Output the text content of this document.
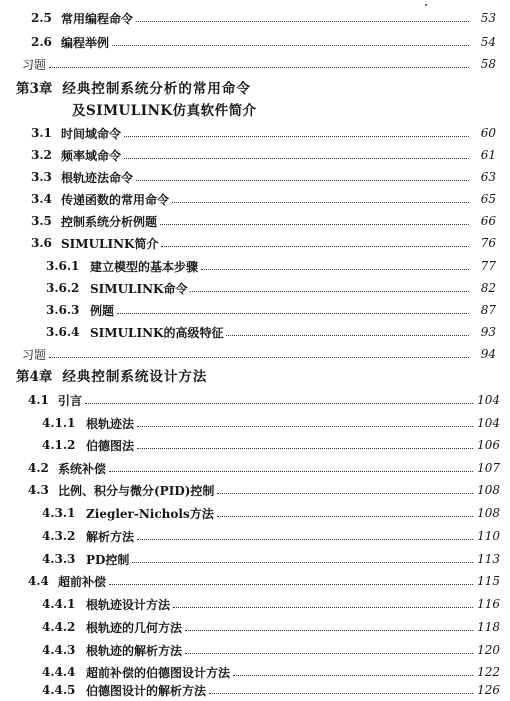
2.5 常用编程命令	53
2.6 编程举例	54
习题	58
第3章 经典控制系统分析的常用命令
及SIMULINK仿真软件简介
3.1 时间域命令	60
3.2 频率域命令	61
3.3 根轨迹法命令	63
3.4 传递函数的常用命令	65
3.5 控制系统分析例题	66
3.6 SIMULINK简介	76
3.6.1 建立模型的基本步骤	77
3.6.2 SIMULINK命令	82
3.6.3 例题	87
3.6.4 SIMULINK的高级特征	93
习题	94
第4章 经典控制系统设计方法
4.1 引言	104
4.1.1 根轨迹法	104
4.1.2 伯德图法	106
4.2 系统补偿	107
4.3 比例、积分与微分(PID)控制	108
4.3.1 Ziegler-Nichols方法	108
4.3.2 解析方法	110
4.3.3 PD控制	113
4.4 超前补偿	115
4.4.1 根轨迹设计方法	116
4.4.2 根轨迹的几何方法	118
4.4.3 根轨迹的解析方法	120
4.4.4 超前补偿的伯德图设计方法	122
4.4.5 伯德图设计的解析方法	126
